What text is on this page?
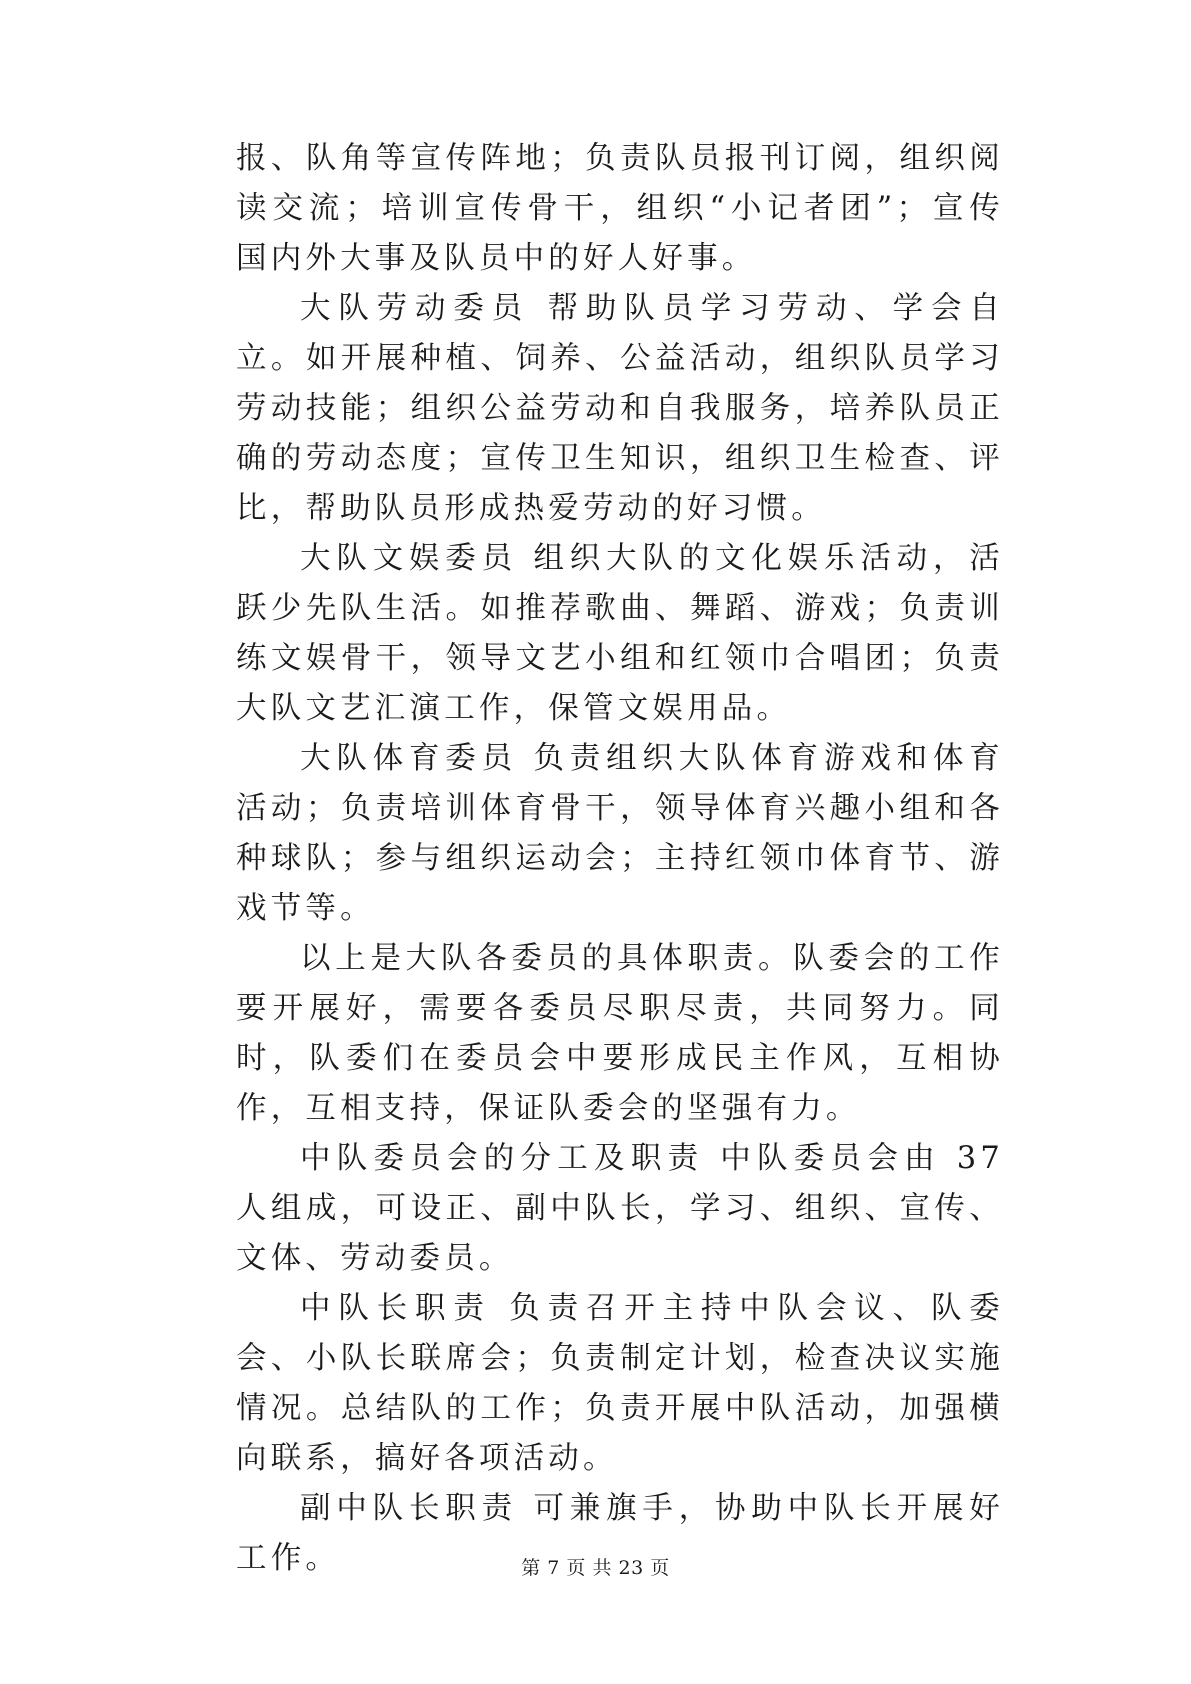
报、队角等宣传阵地；负责队员报刊订阅，组织阅读交流；培训宣传骨干，组织“小记者团”；宣传国内外大事及队员中的好人好事。

大队劳动委员 帮助队员学习劳动、学会自立。如开展种植、饲养、公益活动，组织队员学习劳动技能；组织公益劳动和自我服务，培养队员正确的劳动态度；宣传卫生知识，组织卫生检查、评比，帮助队员形成热爱劳动的好习惯。

大队文娱委员 组织大队的文化娱乐活动，活跃少先队生活。如推荐歌曲、舞蹈、游戏；负责训练文娱骨干，领导文艺小组和红领巾合唱团；负责大队文艺汇演工作，保管文娱用品。

大队体育委员 负责组织大队体育游戏和体育活动；负责培训体育骨干，领导体育兴趣小组和各种球队；参与组织运动会；主持红领巾体育节、游戏节等。

以上是大队各委员的具体职责。队委会的工作要开展好，需要各委员尽职尽责，共同努力。同时，队委们在委员会中要形成民主作风，互相协作，互相支持，保证队委会的坚强有力。

中队委员会的分工及职责 中队委员会由 37 人组成，可设正、副中队长，学习、组织、宣传、文体、劳动委员。

中队长职责 负责召开主持中队会议、队委会、小队长联席会；负责制定计划，检查决议实施情况。总结队的工作；负责开展中队活动，加强横向联系，搞好各项活动。

副中队长职责 可兼旗手，协助中队长开展好工作。	第 7 页 共 23 页
